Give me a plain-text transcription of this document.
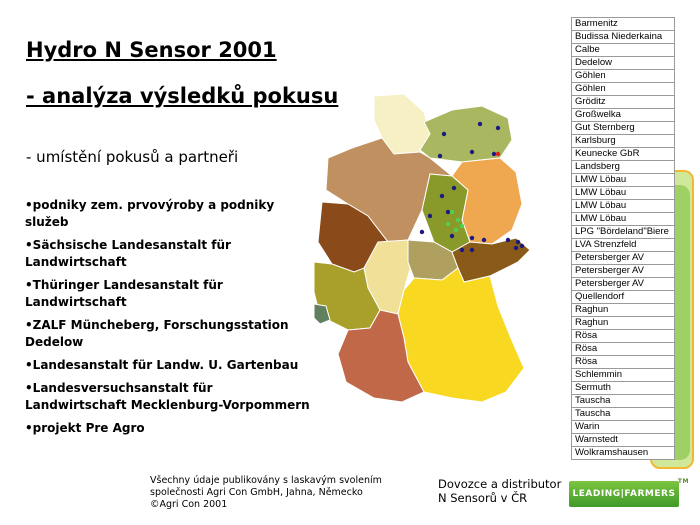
Hydro N Sensor 2001
- analýza výsledků pokusu
- umístění pokusů a partneři
•podniky zem. prvovýroby a podniky služeb
•Sächsische Landesanstalt für Landwirtschaft
•Thüringer Landesanstalt für Landwirtschaft
•ZALF Müncheberg, Forschungsstation Dedelow
•Landesanstalt für Landw. U. Gartenbau
•Landesversuchsanstalt für Landwirtschaft Mecklenburg-Vorpommern
•projekt Pre Agro
Barmenitz
Budissa Niederkaina
Calbe
Dedelow
Göhlen
Göhlen
Gröditz
Großwelka
Gut Sternberg
Karlsburg
Keunecke GbR
Landsberg
LMW Löbau
LMW Löbau
LMW Löbau
LMW Löbau
LPG "Bördeland"Biere
LVA Strenzfeld
Petersberger AV
Petersberger AV
Petersberger AV
Quellendorf
Raghun
Raghun
Rösa
Rösa
Rösa
Schlemmin
Sermuth
Tauscha
Tauscha
Warin
Warnstedt
Wolkramshausen
Všechny údaje publikovány s laskavým svolením
společnosti Agri Con GmbH, Jahna, Německo
©Agri Con 2001
Dovozce a distributor
N Sensorů v ČR	LEADING|FARMERS
TM
